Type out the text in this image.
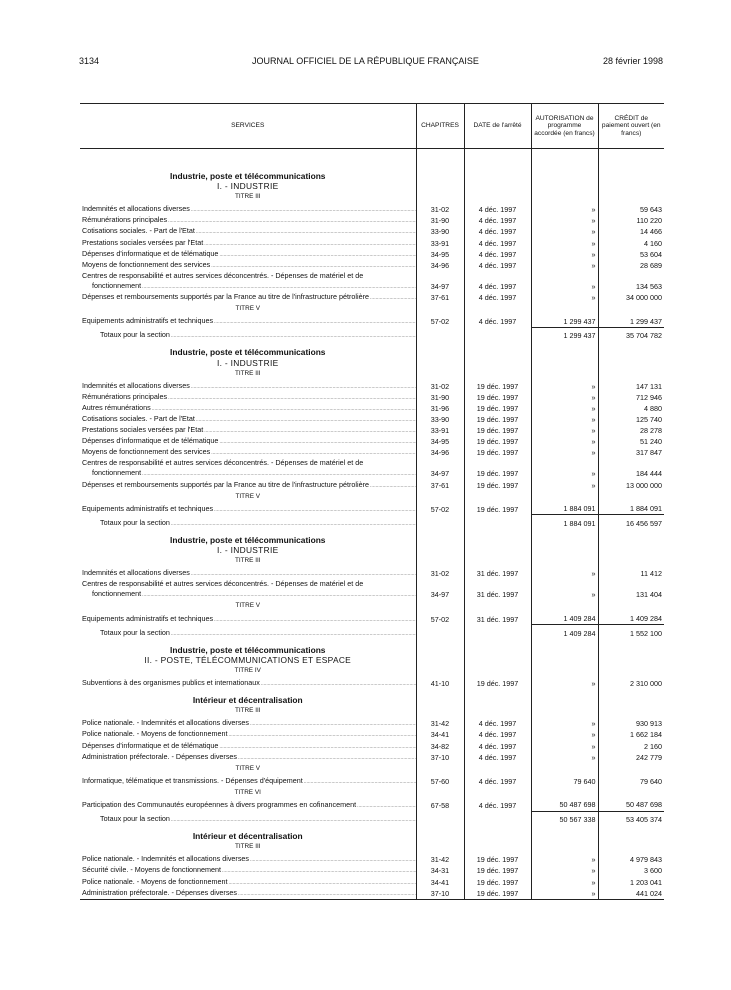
3134	JOURNAL OFFICIEL DE LA RÉPUBLIQUE FRANÇAISE	28 février 1998
SERVICES	CHAPITRES	DATE de l'arrêté	AUTORISATION de programme accordée (en francs)	CRÉDIT de paiement ouvert (en francs)

Industrie, poste et télécommunications				
I. - INDUSTRIE				
TITRE III				
Indemnités et allocations diverses .....	31-02	4 déc. 1997	»	59 643
Rémunérations principales .....	31-90	4 déc. 1997	»	110 220
Cotisations sociales. - Part de l'Etat .....	33-90	4 déc. 1997	»	14 466
Prestations sociales versées par l'Etat .....	33-91	4 déc. 1997	»	4 160
Dépenses d'informatique et de télématique .....	34-95	4 déc. 1997	»	53 604
Moyens de fonctionnement des services .....	34-96	4 déc. 1997	»	28 689
Centres de responsabilité et autres services déconcentrés. - Dépenses de matériel et de				
fonctionnement .....	34-97	4 déc. 1997	»	134 563
Dépenses et remboursements supportés par la France au titre de l'infrastructure pétrolière .....	37-61	4 déc. 1997	»	34 000 000
TITRE V				
Equipements administratifs et techniques .....	57-02	4 déc. 1997	1 299 437	1 299 437
Totaux pour la section .....			1 299 437	35 704 782
Industrie, poste et télécommunications				
I. - INDUSTRIE				
TITRE III				
Indemnités et allocations diverses .....	31-02	19 déc. 1997	»	147 131
Rémunérations principales .....	31-90	19 déc. 1997	»	712 946
Autres rémunérations .....	31-96	19 déc. 1997	»	4 880
Cotisations sociales. - Part de l'Etat .....	33-90	19 déc. 1997	»	125 740
Prestations sociales versées par l'Etat .....	33-91	19 déc. 1997	»	28 278
Dépenses d'informatique et de télématique .....	34-95	19 déc. 1997	»	51 240
Moyens de fonctionnement des services .....	34-96	19 déc. 1997	»	317 847
Centres de responsabilité et autres services déconcentrés. - Dépenses de matériel et de				
fonctionnement .....	34-97	19 déc. 1997	»	184 444
Dépenses et remboursements supportés par la France au titre de l'infrastructure pétrolière .....	37-61	19 déc. 1997	»	13 000 000
TITRE V				
Equipements administratifs et techniques .....	57-02	19 déc. 1997	1 884 091	1 884 091
Totaux pour la section .....			1 884 091	16 456 597
Industrie, poste et télécommunications				
I. - INDUSTRIE				
TITRE III				
Indemnités et allocations diverses .....	31-02	31 déc. 1997	»	11 412
Centres de responsabilité et autres services déconcentrés. - Dépenses de matériel et de				
fonctionnement .....	34-97	31 déc. 1997	»	131 404
TITRE V				
Equipements administratifs et techniques .....	57-02	31 déc. 1997	1 409 284	1 409 284
Totaux pour la section .....			1 409 284	1 552 100
Industrie, poste et télécommunications				
II. - POSTE, TÉLÉCOMMUNICATIONS ET ESPACE				
TITRE IV				
Subventions à des organismes publics et internationaux .....	41-10	19 déc. 1997	»	2 310 000
Intérieur et décentralisation				
TITRE III				
Police nationale. - Indemnités et allocations diverses .....	31-42	4 déc. 1997	»	930 913
Police nationale. - Moyens de fonctionnement .....	34-41	4 déc. 1997	»	1 662 184
Dépenses d'informatique et de télématique .....	34-82	4 déc. 1997	»	2 160
Administration préfectorale. - Dépenses diverses .....	37-10	4 déc. 1997	»	242 779
TITRE V				
Informatique, télématique et transmissions. - Dépenses d'équipement .....	57-60	4 déc. 1997	79 640	79 640
TITRE VI				
Participation des Communautés européennes à divers programmes en cofinancement .....	67-58	4 déc. 1997	50 487 698	50 487 698
Totaux pour la section .....			50 567 338	53 405 374
Intérieur et décentralisation				
TITRE III				
Police nationale. - Indemnités et allocations diverses .....	31-42	19 déc. 1997	»	4 979 843
Sécurité civile. - Moyens de fonctionnement .....	34-31	19 déc. 1997	»	3 600
Police nationale. - Moyens de fonctionnement .....	34-41	19 déc. 1997	»	1 203 041
Administration préfectorale. - Dépenses diverses .....	37-10	19 déc. 1997	»	441 024
